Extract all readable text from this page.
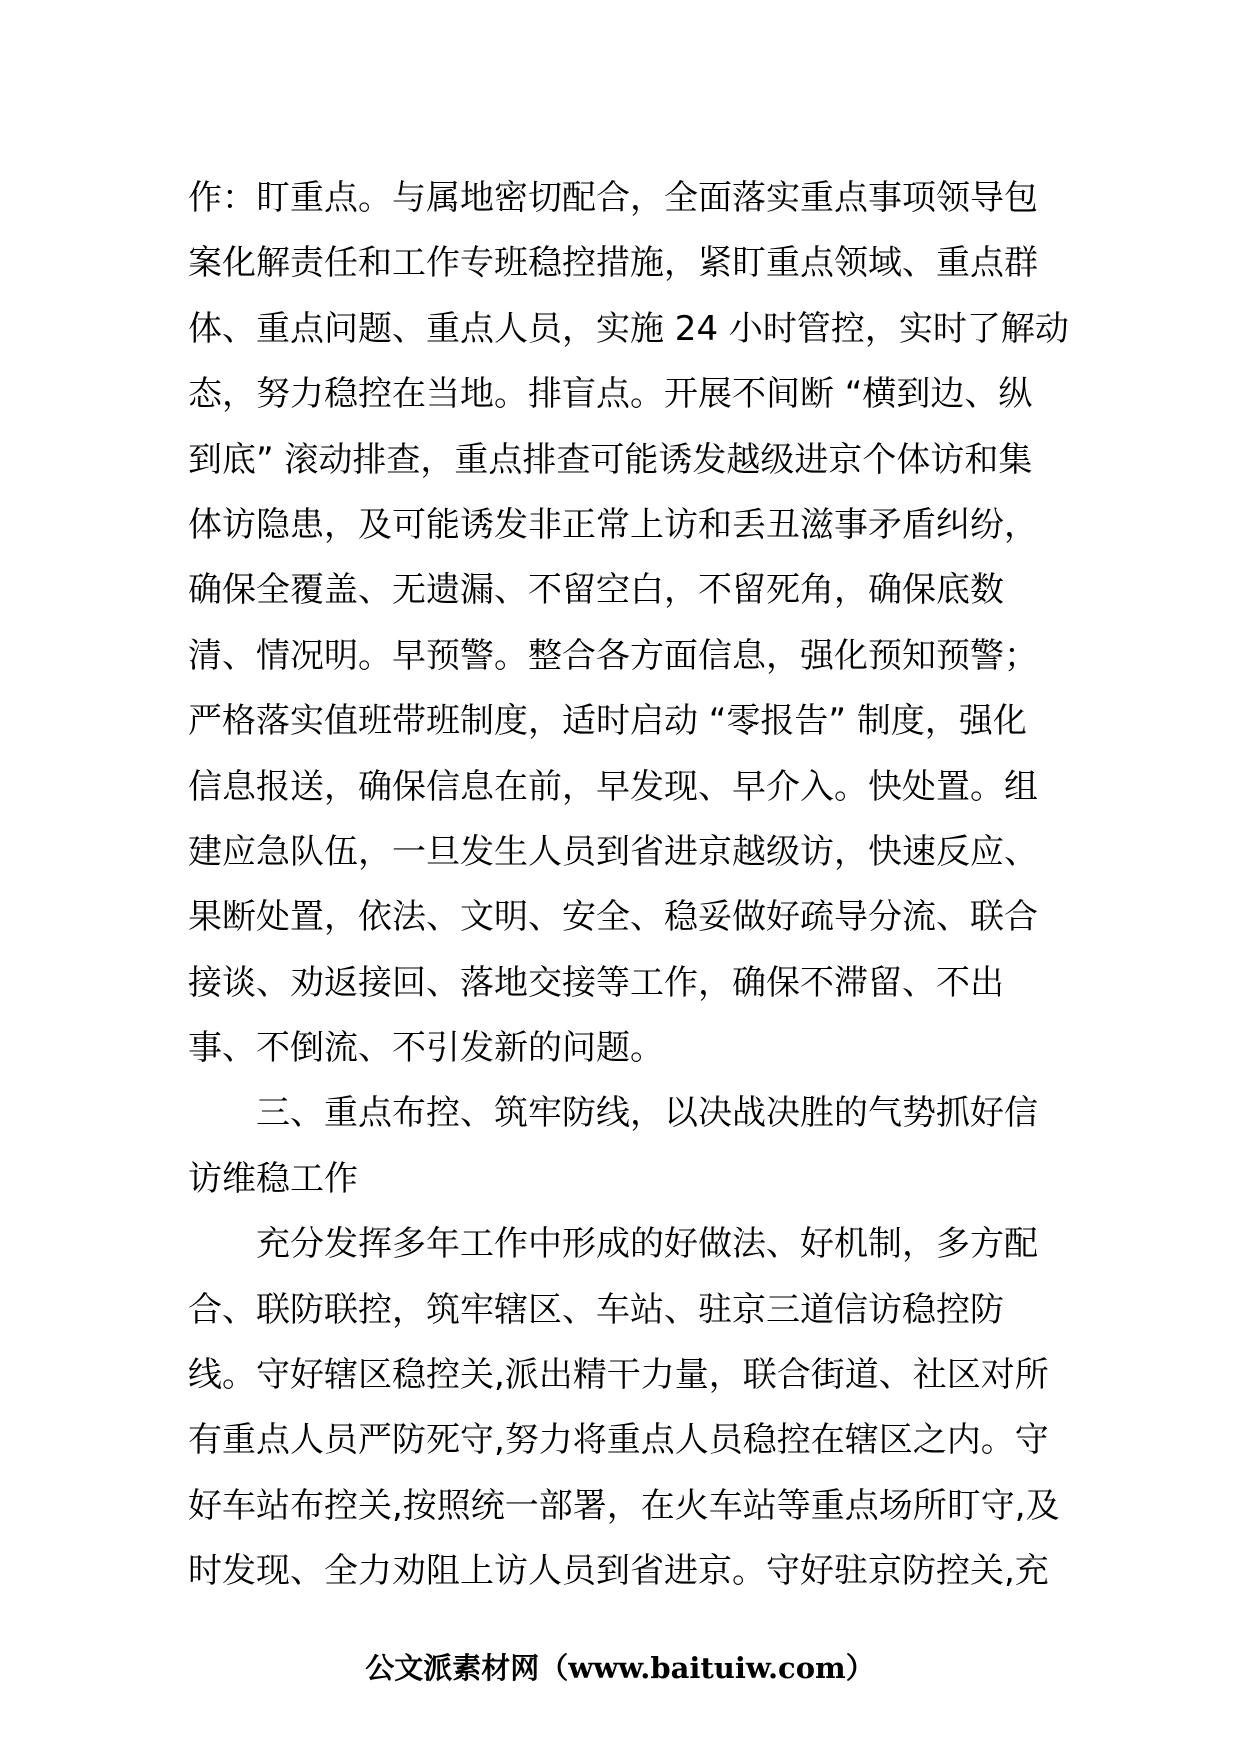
作：盯重点。与属地密切配合，全面落实重点事项领导包
案化解责任和工作专班稳控措施，紧盯重点领域、重点群
体、重点问题、重点人员，实施 24 小时管控，实时了解动
态，努力稳控在当地。排盲点。开展不间断 “横到边、纵
到底” 滚动排查，重点排查可能诱发越级进京个体访和集
体访隐患，及可能诱发非正常上访和丢丑滋事矛盾纠纷，
确保全覆盖、无遗漏、不留空白，不留死角，确保底数
清、情况明。早预警。整合各方面信息，强化预知预警；
严格落实值班带班制度，适时启动 “零报告” 制度，强化
信息报送，确保信息在前，早发现、早介入。快处置。组
建应急队伍，一旦发生人员到省进京越级访，快速反应、
果断处置，依法、文明、安全、稳妥做好疏导分流、联合
接谈、劝返接回、落地交接等工作，确保不滞留、不出
事、不倒流、不引发新的问题。
三、重点布控、筑牢防线，以决战决胜的气势抓好信
访维稳工作
充分发挥多年工作中形成的好做法、好机制，多方配
合、联防联控，筑牢辖区、车站、驻京三道信访稳控防
线。守好辖区稳控关,派出精干力量，联合街道、社区对所
有重点人员严防死守,努力将重点人员稳控在辖区之内。守
好车站布控关,按照统一部署，在火车站等重点场所盯守,及
时发现、全力劝阻上访人员到省进京。守好驻京防控关,充
公文派素材网（www.baituiw.com）
